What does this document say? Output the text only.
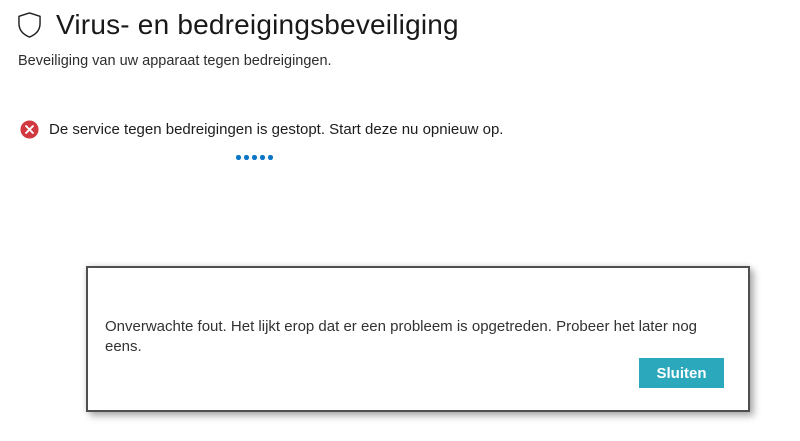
Virus- en bedreigingsbeveiliging
Beveiliging van uw apparaat tegen bedreigingen.
De service tegen bedreigingen is gestopt. Start deze nu opnieuw op.
Onverwachte fout. Het lijkt erop dat er een probleem is opgetreden. Probeer het later nog eens.
Sluiten
